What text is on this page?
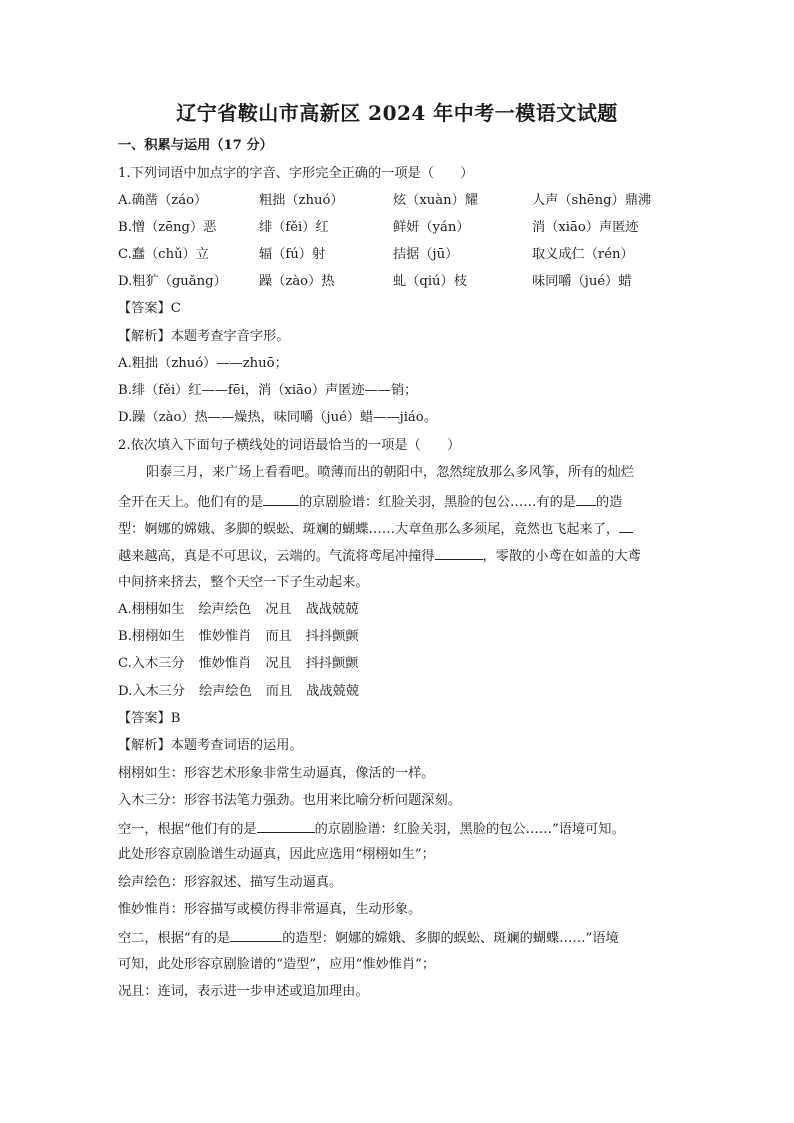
辽宁省鞍山市高新区 2024 年中考一模语文试题
一、积累与运用（17 分）
1.下列词语中加点字的字音、字形完全正确的一项是（　　）
A.确凿（záo）	粗拙（zhuó）	炫（xuàn）耀	人声（shēng）鼎沸
B.憎（zēng）恶	绯（fěi）红	鲜妍（yán）	消（xiāo）声匿迹
C.蠢（chǔ）立	辐（fú）射	拮据（jū）	取义成仁（rén）
D.粗犷（guǎng） 躁（zào）热	虬（qiú）枝	味同嚼（jué）蜡
【答案】C
【解析】本题考查字音字形。
A.粗拙（zhuó）——zhuō；
B.绯（fěi）红——fēi，消（xiāo）声匿迹——销；
D.躁（zào）热——燥热，味同嚼（jué）蜡——jiáo。
2.依次填入下面句子横线处的词语最恰当的一项是（　　）
阳泰三月，来广场上看看吧。喷薄而出的朝阳中，忽然绽放那么多风筝，所有的灿烂
全开在天上。他们有的是	的京剧脸谱：红脸关羽，黑脸的包公……有的是 的造
型：婀娜的嫦娥、多脚的蜈蚣、斑斓的蝴蝶……大章鱼那么多须尾，竟然也飞起来了，
越来越高，真是不可思议，云端的。气流将鸢尾冲撞得	，零散的小鸢在如盖的大鸢
中间挤来挤去，整个天空一下子生动起来。
A.栩栩如生 绘声绘色 况且 战战兢兢
B.栩栩如生 惟妙惟肖 而且 抖抖颤颤
C.入木三分 惟妙惟肖 况且 抖抖颤颤
D.入木三分 绘声绘色 而且 战战兢兢
【答案】B
【解析】本题考查词语的运用。
栩栩如生：形容艺术形象非常生动逼真，像活的一样。
入木三分：形容书法笔力强劲。也用来比喻分析问题深刻。
空一，根据“他们有的是	的京剧脸谱：红脸关羽，黑脸的包公……”语境可知。
此处形容京剧脸谱生动逼真，因此应选用“栩栩如生”；
绘声绘色：形容叙述、描写生动逼真。
惟妙惟肖：形容描写或模仿得非常逼真，生动形象。
空二，根据“有的是	的造型：婀娜的嫦娥、多脚的蜈蚣、斑斓的蝴蝶……”语境
可知，此处形容京剧脸谱的“造型”，应用“惟妙惟肖”；
况且：连词，表示进一步申述或追加理由。
